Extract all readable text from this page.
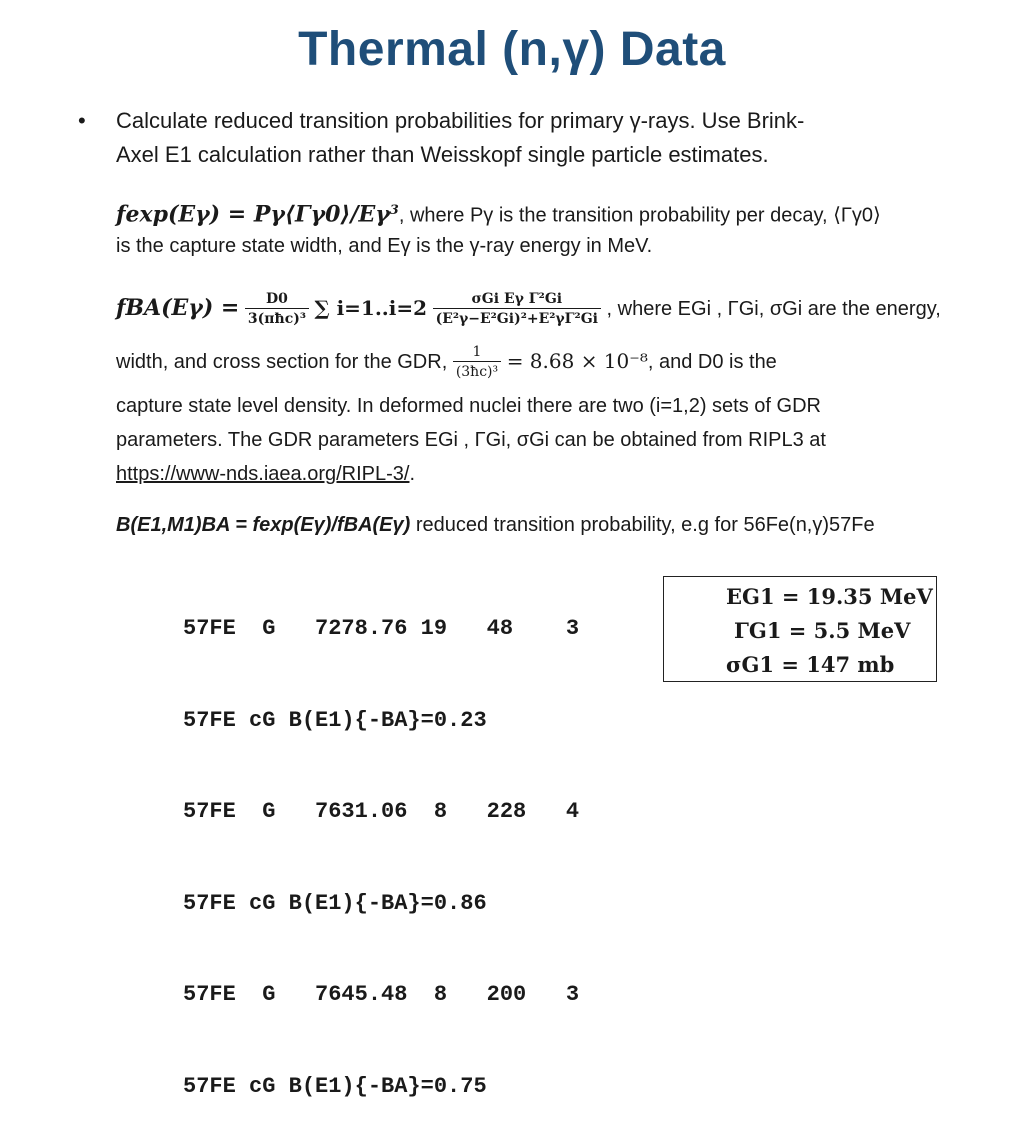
Thermal (n,γ) Data
• Calculate reduced transition probabilities for primary γ-rays. Use Brink-
Axel E1 calculation rather than Weisskopf single particle estimates.
$fexp(E\gamma) = P\gamma⟨\Gamma\gamma 0⟩/E\gamma^3$, where Pγ is the transition probability per decay, ⟨Γγ0⟩
is the capture state width, and Eγ is the γ-ray energy in MeV.
$fBA(E\gamma) = \frac{D0}{\text{3(πħc)³}}$ ∑ $i=1..i=2 \frac{\text{σGi Eγ Γ²Gi}}{\text{(E²γ−E²Gi)²+E²γΓ²Gi}}$ , where EGi , ΓGi, σGi are the energy,
width, and cross section for the GDR, $\frac{1}{\text{(3ħc)³}} = 8.68 \times 10^{-8}$, and D0 is the
capture state level density. In deformed nuclei there are two (i=1,2) sets of GDR
parameters. The GDR parameters EGi , ΓGi, σGi can be obtained from RIPL3 at
https://www-nds.iaea.org/RIPL-3/.
B(E1,M1)BA = fexp(Eγ)/fBA(Eγ) reduced transition probability, e.g for 56Fe(n,γ)57Fe

57FE  G   7278.76 19   48    3

57FE cG B(E1){-BA}=0.23

57FE  G   7631.06  8   228   4

57FE cG B(E1){-BA}=0.86

57FE  G   7645.48  8   200   3

57FE cG B(E1){-BA}=0.75

EG1 = 19.35 MeV
ΓG1 = 5.5 MeV
σG1 = 147 mb
